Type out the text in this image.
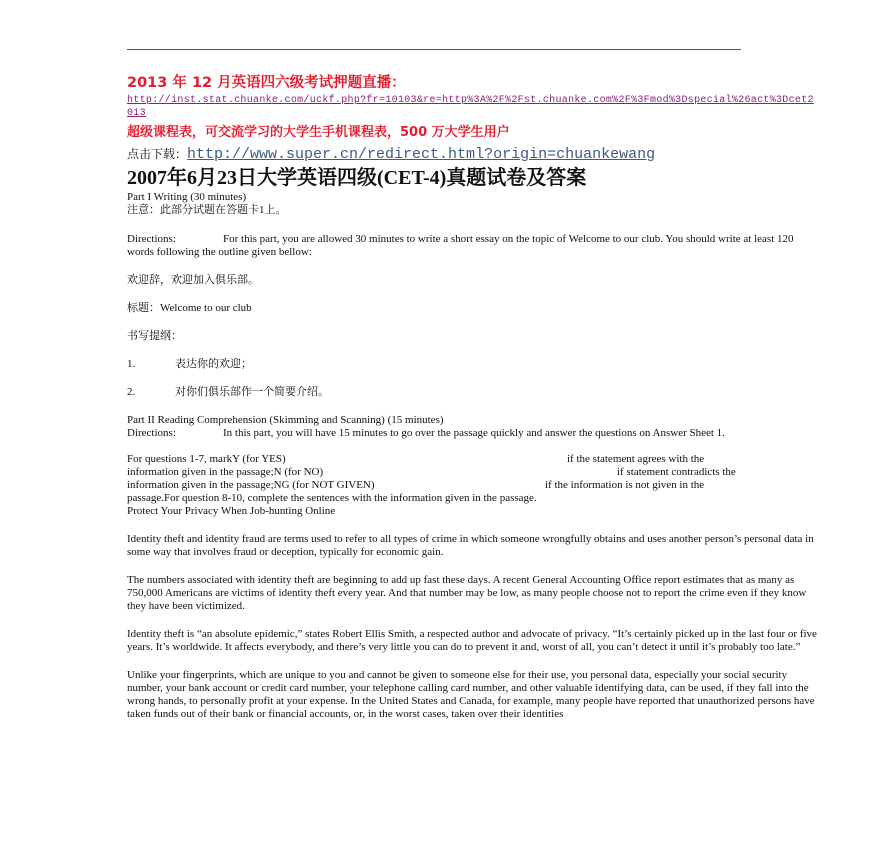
2013 年 12 月英语四六级考试押题直播：

http://inst.stat.chuanke.com/uckf.php?fr=10103&re=http%3A%2F%2Fst.chuanke.com%2F%3Fmod%3Dspecial%26act%3Dcet2013

超级课程表，可交流学习的大学生手机课程表，500 万大学生用户

点击下载：http://www.super.cn/redirect.html?origin=chuankewang

2007年6月23日大学英语四级(CET-4)真题试卷及答案

Part I Writing (30 minutes)

注意：此部分试题在答题卡1上。

Directions:	For this part, you are allowed 30 minutes to write a short essay on the topic of Welcome to our club. You should write at least 120 words following the outline given bellow:

欢迎辞，欢迎加入俱乐部。

标题：Welcome to our club

书写提纲：

1.	表达你的欢迎；

2.	对你们俱乐部作一个简要介绍。

Part II Reading Comprehension (Skimming and Scanning) (15 minutes)

Directions:	In this part, you will have 15 minutes to go over the passage quickly and answer the questions on Answer Sheet 1.

For questions 1-7, markY (for YES)	if the statement agrees with the
information given in the passage;N (for NO)	if statement contradicts the
information given in the passage;NG (for NOT GIVEN)	if the information is not given in the
passage.For question 8-10, complete the sentences with the information given in the passage.
Protect Your Privacy When Job-hunting Online

Identity theft and identity fraud are terms used to refer to all types of crime in which someone wrongfully obtains and uses another person’s personal data in some way that involves fraud or deception, typically for economic gain.

The numbers associated with identity theft are beginning to add up fast these days. A recent General Accounting Office report estimates that as many as 750,000 Americans are victims of identity theft every year. And that number may be low, as many people choose not to report the crime even if they know they have been victimized.

Identity theft is “an absolute epidemic,” states Robert Ellis Smith, a respected author and advocate of privacy. “It’s certainly picked up in the last four or five years. It’s worldwide. It affects everybody, and there’s very little you can do to prevent it and, worst of all, you can’t detect it until it’s probably too late.”

Unlike your fingerprints, which are unique to you and cannot be given to someone else for their use, you personal data, especially your social security number, your bank account or credit card number, your telephone calling card number, and other valuable identifying data, can be used, if they fall into the wrong hands, to personally profit at your expense. In the United States and Canada, for example, many people have reported that unauthorized persons have taken funds out of their bank or financial accounts, or, in the worst cases, taken over their identities
